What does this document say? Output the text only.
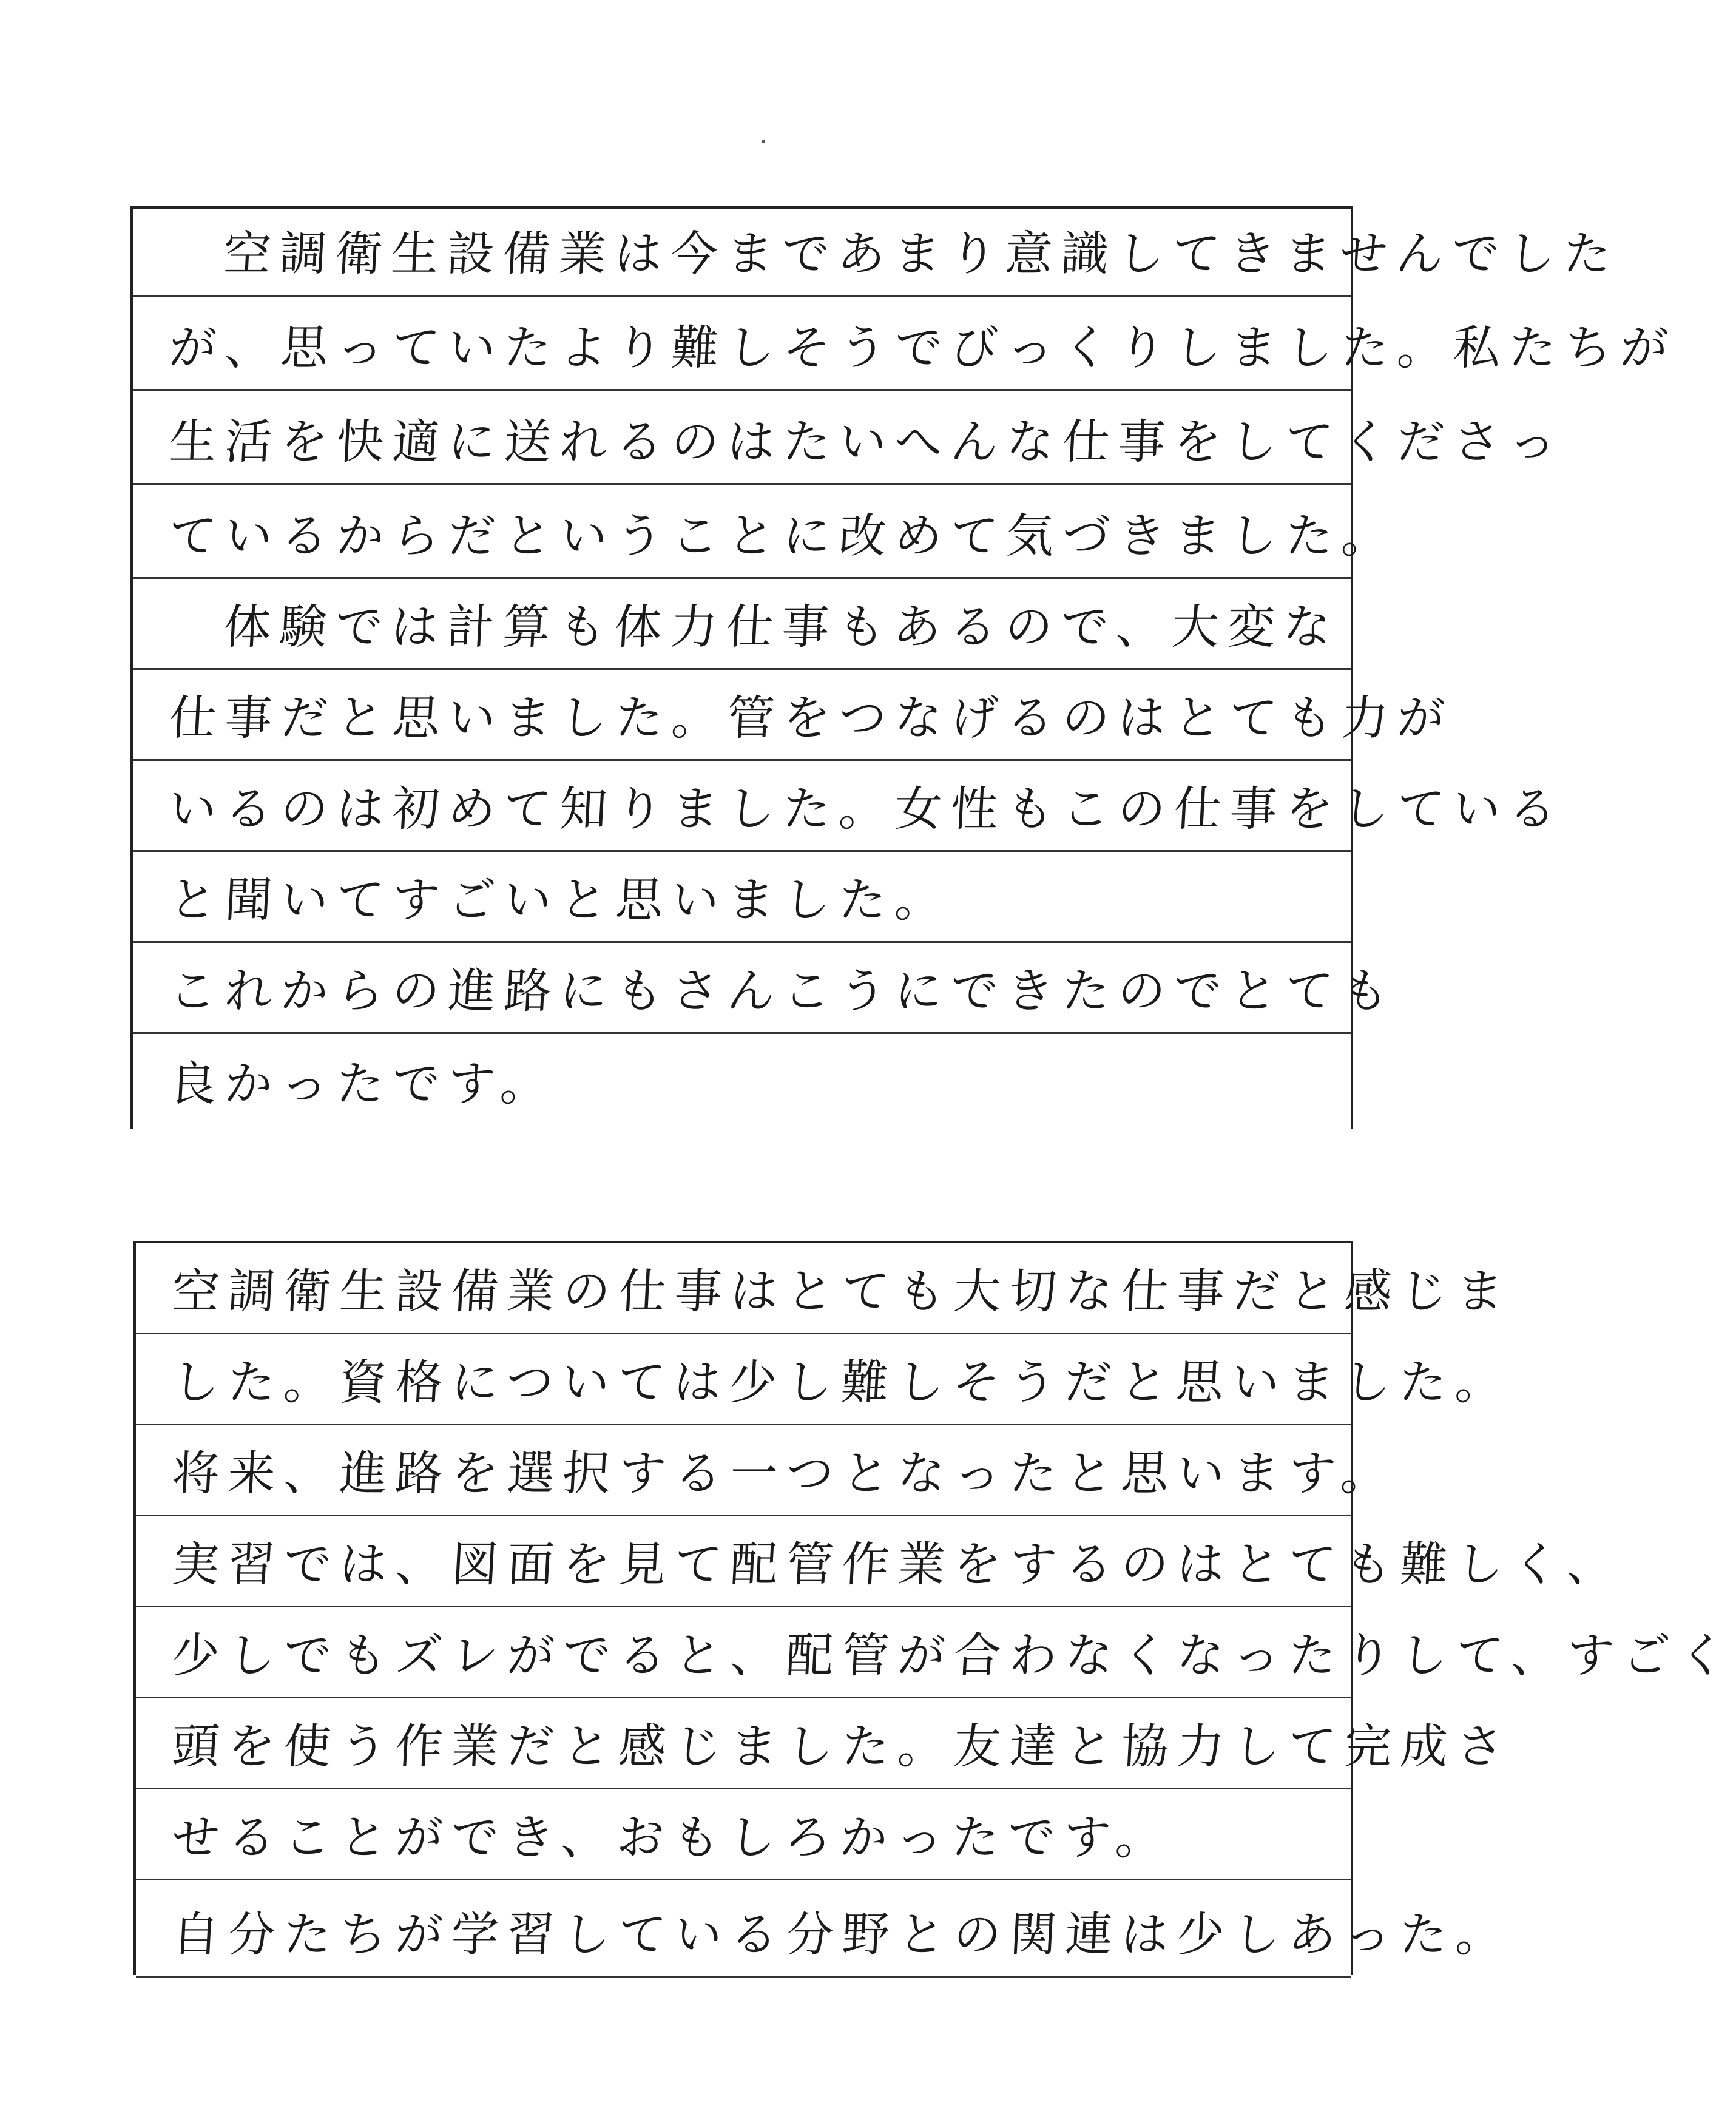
空調衛生設備業は今まであまり意識してきませんでした
が、思っていたより難しそうでびっくりしました。私たちが
生活を快適に送れるのはたいへんな仕事をしてくださっ
ているからだということに改めて気づきました。
体験では計算も体力仕事もあるので、大変な
仕事だと思いました。管をつなげるのはとても力が
いるのは初めて知りました。女性もこの仕事をしている
と聞いてすごいと思いました。
これからの進路にもさんこうにできたのでとても
良かったです。
空調衛生設備業の仕事はとても大切な仕事だと感じま
した。資格については少し難しそうだと思いました。
将来、進路を選択する一つとなったと思います。
実習では、図面を見て配管作業をするのはとても難しく、
少しでもズレがでると、配管が合わなくなったりして、すごく
頭を使う作業だと感じました。友達と協力して完成さ
せることができ、おもしろかったです。
自分たちが学習している分野との関連は少しあった。
